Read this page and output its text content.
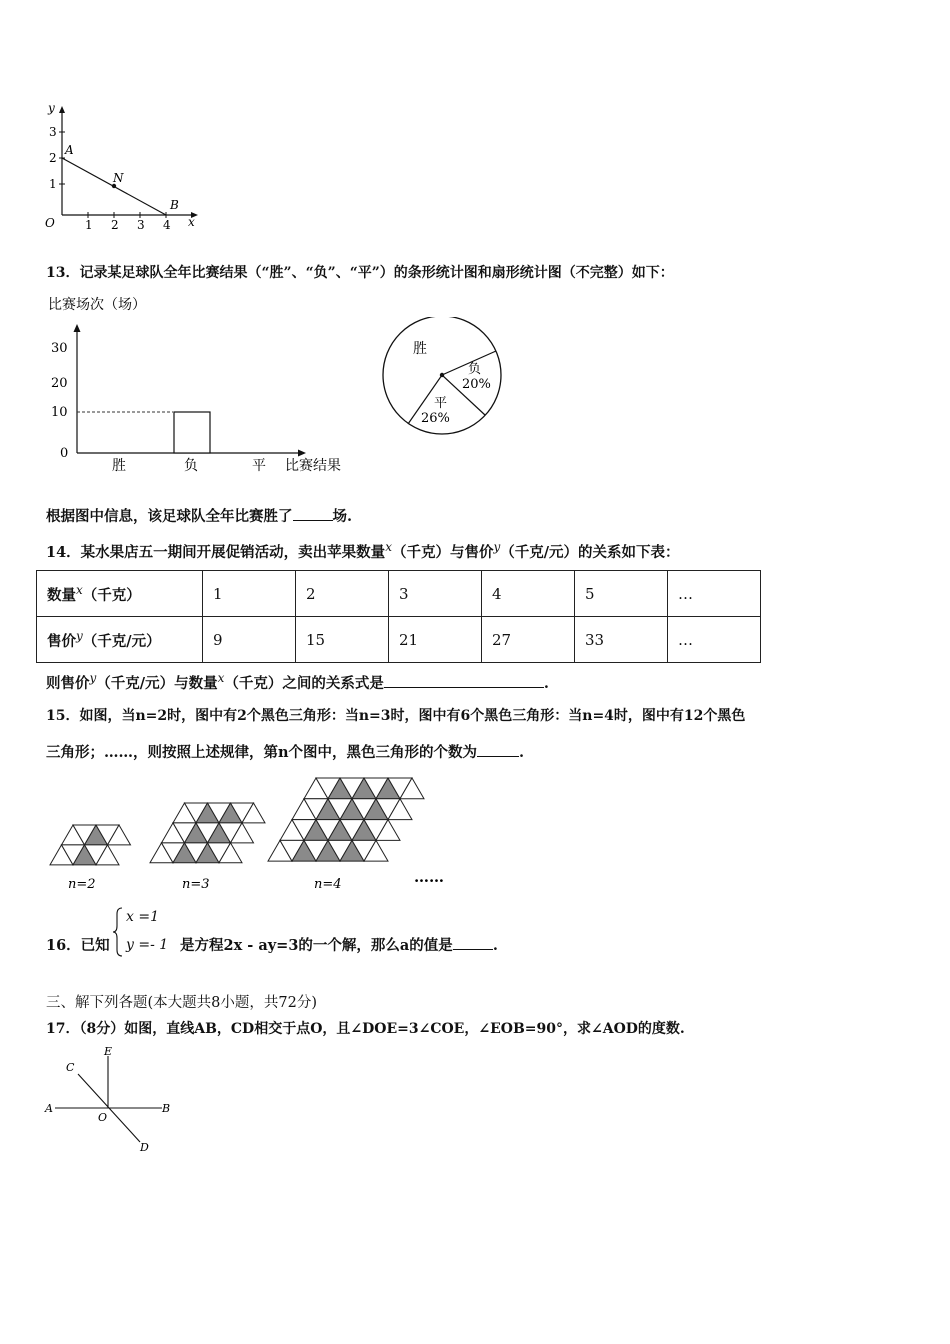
y
x
O
3
2
1
1 2 3 4
A
N
B
13．记录某足球队全年比赛结果（“胜”、“负”、“平”）的条形统计图和扇形统计图（不完整）如下：
比赛场次（场）
0
10
20
30
胜	负	平 比赛结果
胜
负
20%
平
26%
根据图中信息，该足球队全年比赛胜了	场.
14．某水果店五一期间开展促销活动，卖出苹果数量$^x$（千克）与售价$^y$（千克/元）的关系如下表：
数量$^x$（千克）	1	2	3	4	5	…
售价$^y$（千克/元）	9	15	21	27	33	…
则售价$^y$（千克/元）与数量$^x$（千克）之间的关系式是	.
15．如图，当n=2时，图中有2个黑色三角形：当n=3时，图中有6个黑色三角形：当n=4时，图中有12个黑色
三角形；……，则按照上述规律，第n个图中，黑色三角形的个数为	.
n=2	n=3	n=4	……
16．已知
x =1
y =- 1 是方程2x - ay=3的一个解，那么a的值是	.
三、解下列各题(本大题共8小题，共72分)
17．（8分）如图，直线AB，CD相交于点O，且∠DOE=3∠COE，∠EOB=90°，求∠AOD的度数.
A	B
C
D
E
O
